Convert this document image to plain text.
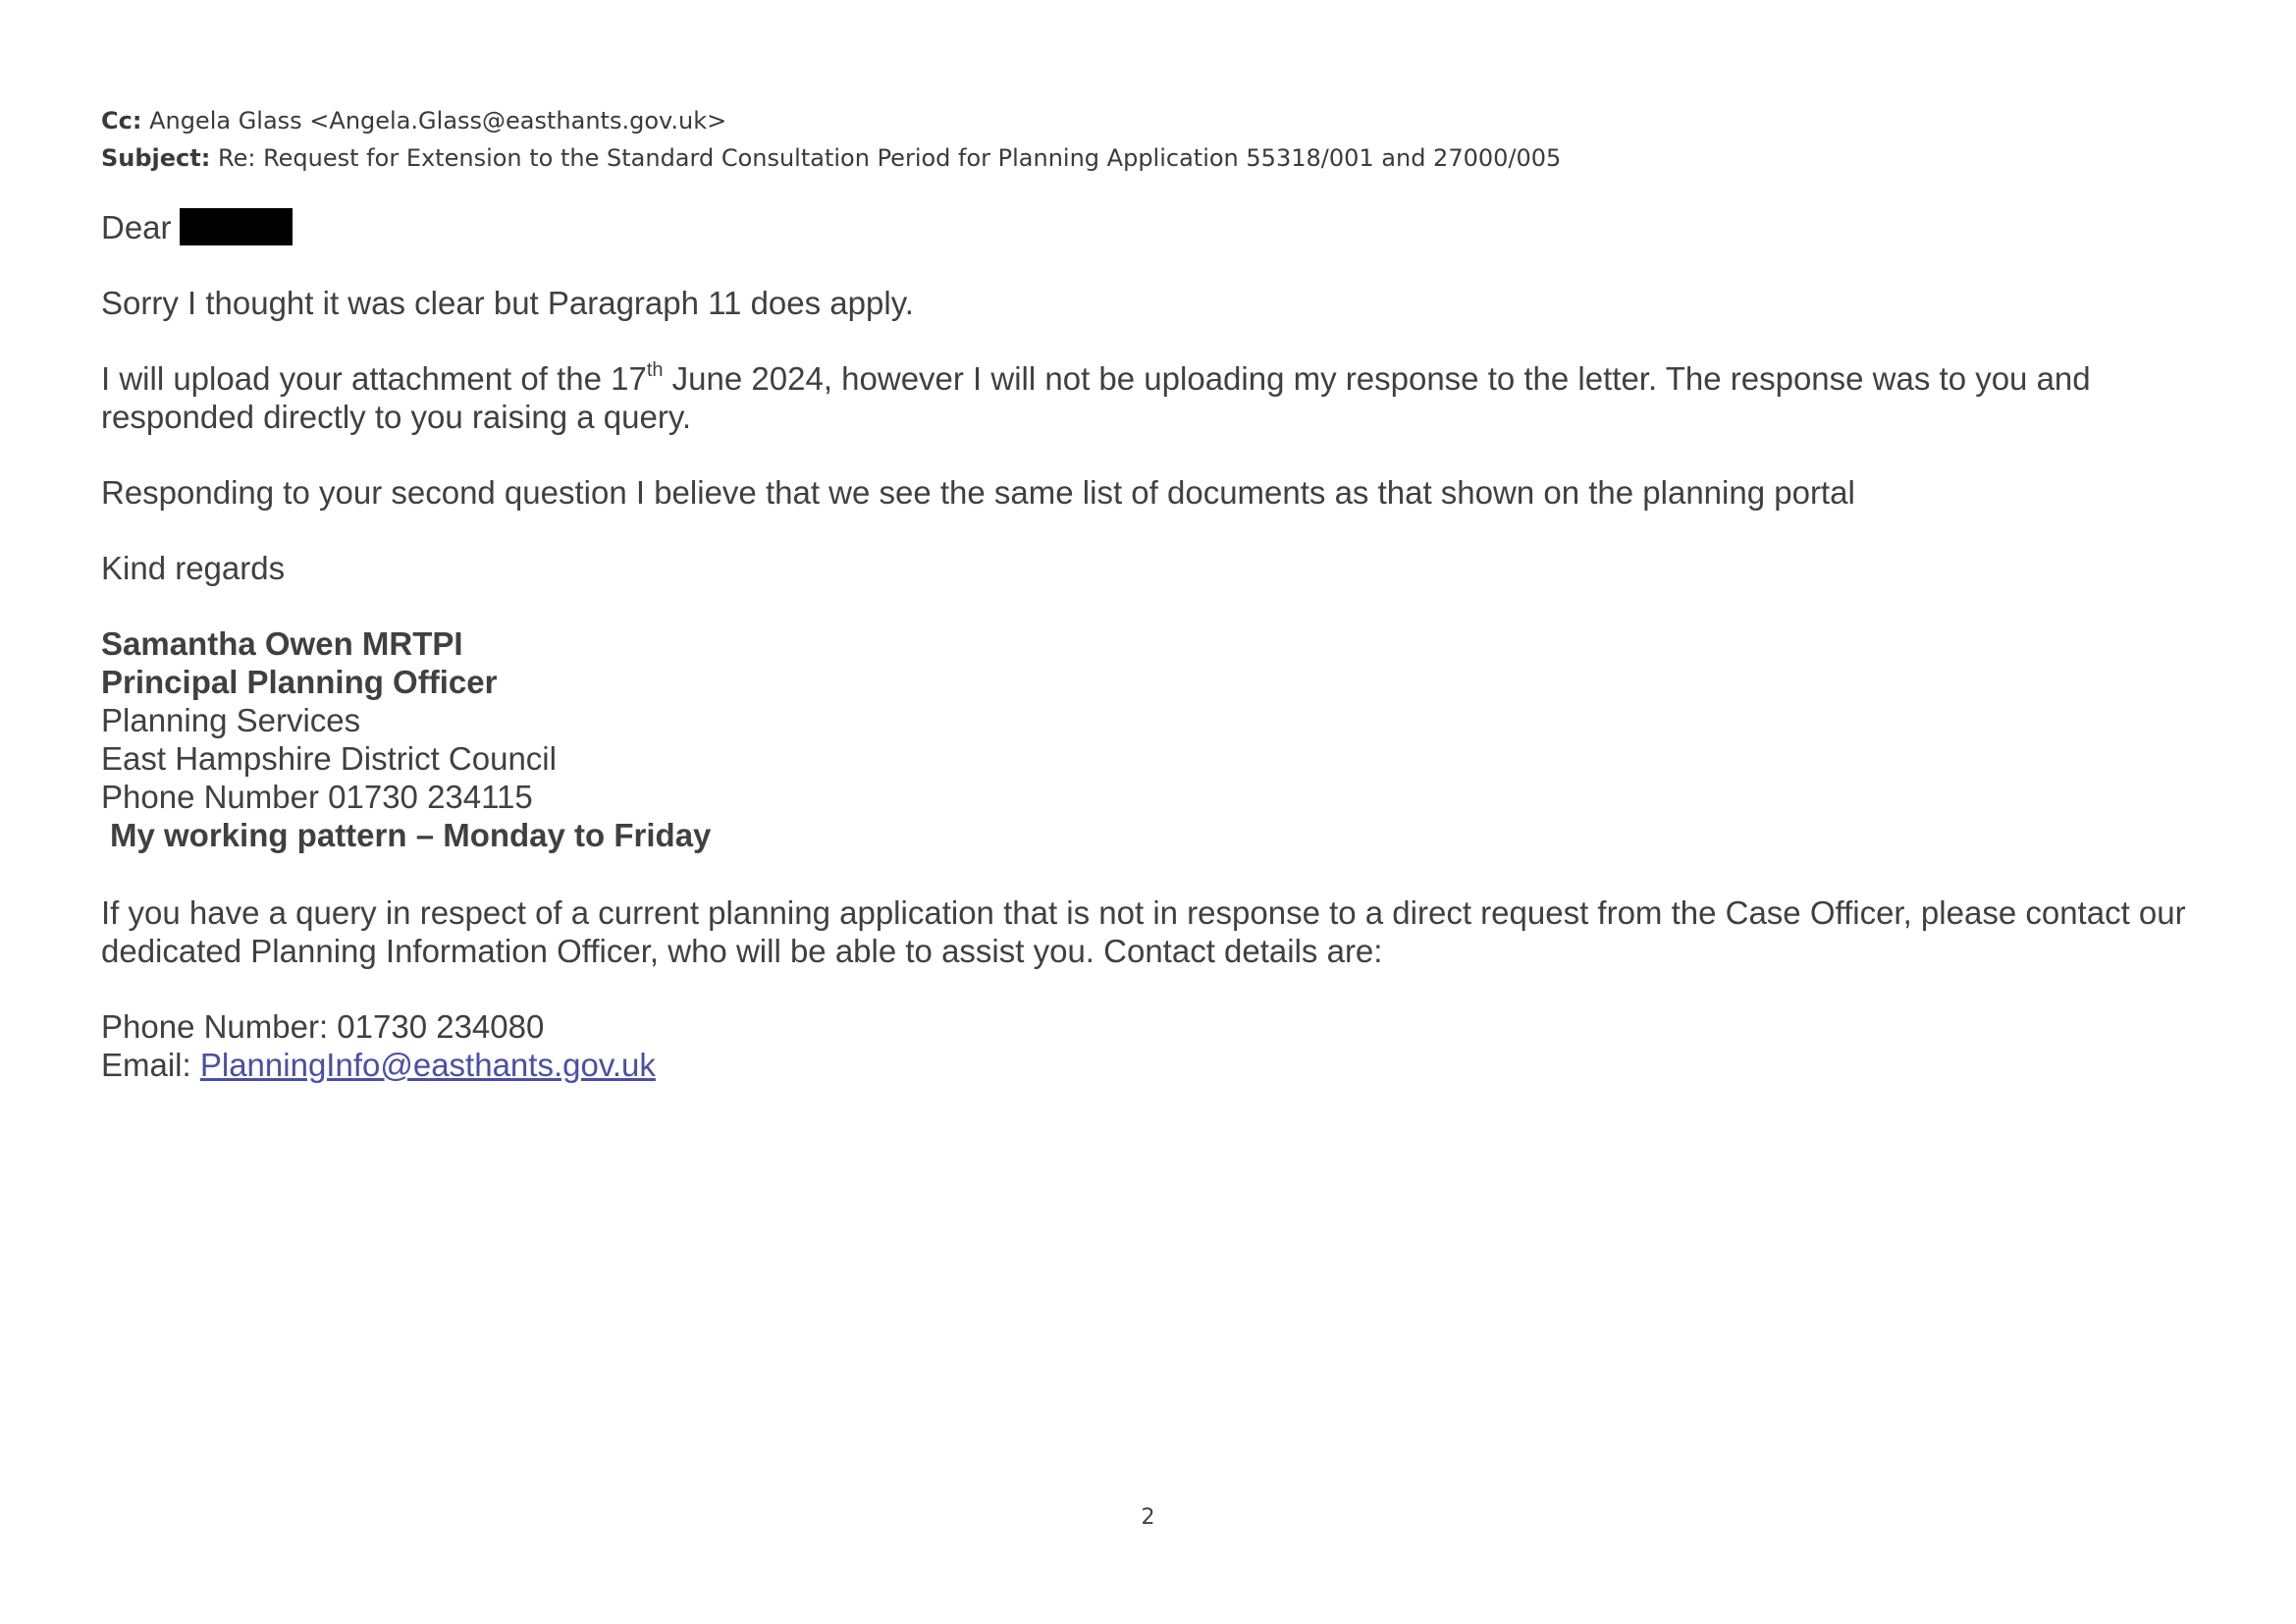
Cc: Angela Glass <Angela.Glass@easthants.gov.uk>
Subject: Re: Request for Extension to the Standard Consultation Period for Planning Application 55318/001 and 27000/005

Dear

Sorry I thought it was clear but Paragraph 11 does apply.

I will upload your attachment of the 17th June 2024, however I will not be uploading my response to the letter. The response was to you and responded directly to you raising a query.

Responding to your second question I believe that we see the same list of documents as that shown on the planning portal

Kind regards

Samantha Owen MRTPI

Principal Planning Officer

Planning Services

East Hampshire District Council

Phone Number 01730 234115

My working pattern – Monday to Friday

If you have a query in respect of a current planning application that is not in response to a direct request from the Case Officer, please contact our dedicated Planning Information Officer, who will be able to assist you. Contact details are:

Phone Number: 01730 234080

Email: PlanningInfo@easthants.gov.uk

2
